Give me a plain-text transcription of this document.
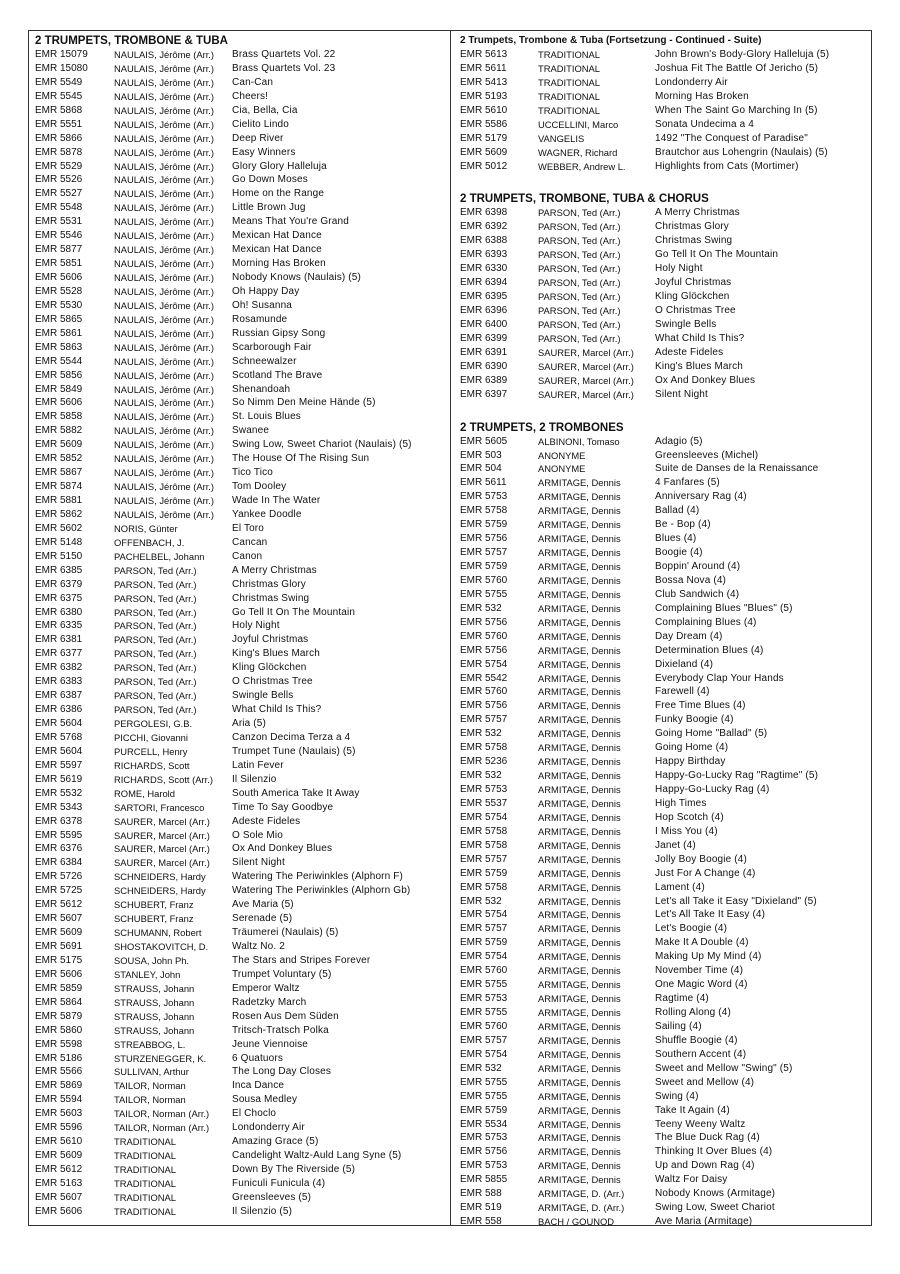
2 TRUMPETS, TROMBONE & TUBA
EMR 15079	NAULAIS, Jérôme (Arr.)	Brass Quartets Vol. 22
EMR 15080	NAULAIS, Jérôme (Arr.)	Brass Quartets Vol. 23
EMR 5549	NAULAIS, Jérôme (Arr.)	Can-Can
EMR 5545	NAULAIS, Jérôme (Arr.)	Cheers!
EMR 5868	NAULAIS, Jérôme (Arr.)	Cia, Bella, Cia
EMR 5551	NAULAIS, Jérôme (Arr.)	Cielito Lindo
EMR 5866	NAULAIS, Jérôme (Arr.)	Deep River
EMR 5878	NAULAIS, Jérôme (Arr.)	Easy Winners
EMR 5529	NAULAIS, Jérôme (Arr.)	Glory Glory Halleluja
EMR 5526	NAULAIS, Jérôme (Arr.)	Go Down Moses
EMR 5527	NAULAIS, Jérôme (Arr.)	Home on the Range
EMR 5548	NAULAIS, Jérôme (Arr.)	Little Brown Jug
EMR 5531	NAULAIS, Jérôme (Arr.)	Means That You're Grand
EMR 5546	NAULAIS, Jérôme (Arr.)	Mexican Hat Dance
EMR 5877	NAULAIS, Jérôme (Arr.)	Mexican Hat Dance
EMR 5851	NAULAIS, Jérôme (Arr.)	Morning Has Broken
EMR 5606	NAULAIS, Jérôme (Arr.)	Nobody Knows (Naulais) (5)
EMR 5528	NAULAIS, Jérôme (Arr.)	Oh Happy Day
EMR 5530	NAULAIS, Jérôme (Arr.)	Oh! Susanna
EMR 5865	NAULAIS, Jérôme (Arr.)	Rosamunde
EMR 5861	NAULAIS, Jérôme (Arr.)	Russian Gipsy Song
EMR 5863	NAULAIS, Jérôme (Arr.)	Scarborough Fair
EMR 5544	NAULAIS, Jérôme (Arr.)	Schneewalzer
EMR 5856	NAULAIS, Jérôme (Arr.)	Scotland The Brave
EMR 5849	NAULAIS, Jérôme (Arr.)	Shenandoah
EMR 5606	NAULAIS, Jérôme (Arr.)	So Nimm Den Meine Hände (5)
EMR 5858	NAULAIS, Jérôme (Arr.)	St. Louis Blues
EMR 5882	NAULAIS, Jérôme (Arr.)	Swanee
EMR 5609	NAULAIS, Jérôme (Arr.)	Swing Low, Sweet Chariot (Naulais) (5)
EMR 5852	NAULAIS, Jérôme (Arr.)	The House Of The Rising Sun
EMR 5867	NAULAIS, Jérôme (Arr.)	Tico Tico
EMR 5874	NAULAIS, Jérôme (Arr.)	Tom Dooley
EMR 5881	NAULAIS, Jérôme (Arr.)	Wade In The Water
EMR 5862	NAULAIS, Jérôme (Arr.)	Yankee Doodle
EMR 5602	NORIS, Günter	El Toro
EMR 5148	OFFENBACH, J.	Cancan
EMR 5150	PACHELBEL, Johann	Canon
EMR 6385	PARSON, Ted (Arr.)	A Merry Christmas
EMR 6379	PARSON, Ted (Arr.)	Christmas Glory
EMR 6375	PARSON, Ted (Arr.)	Christmas Swing
EMR 6380	PARSON, Ted (Arr.)	Go Tell It On The Mountain
EMR 6335	PARSON, Ted (Arr.)	Holy Night
EMR 6381	PARSON, Ted (Arr.)	Joyful Christmas
EMR 6377	PARSON, Ted (Arr.)	King's Blues March
EMR 6382	PARSON, Ted (Arr.)	Kling Glöckchen
EMR 6383	PARSON, Ted (Arr.)	O Christmas Tree
EMR 6387	PARSON, Ted (Arr.)	Swingle Bells
EMR 6386	PARSON, Ted (Arr.)	What Child Is This?
EMR 5604	PERGOLESI, G.B.	Aria (5)
EMR 5768	PICCHI, Giovanni	Canzon Decima Terza a 4
EMR 5604	PURCELL, Henry	Trumpet Tune (Naulais) (5)
EMR 5597	RICHARDS, Scott	Latin Fever
EMR 5619	RICHARDS, Scott (Arr.)	Il Silenzio
EMR 5532	ROME, Harold	South America Take It Away
EMR 5343	SARTORI, Francesco	Time To Say Goodbye
EMR 6378	SAURER, Marcel (Arr.)	Adeste Fideles
EMR 5595	SAURER, Marcel (Arr.)	O Sole Mio
EMR 6376	SAURER, Marcel (Arr.)	Ox And Donkey Blues
EMR 6384	SAURER, Marcel (Arr.)	Silent Night
EMR 5726	SCHNEIDERS, Hardy	Watering The Periwinkles (Alphorn F)
EMR 5725	SCHNEIDERS, Hardy	Watering The Periwinkles (Alphorn Gb)
EMR 5612	SCHUBERT, Franz	Ave Maria (5)
EMR 5607	SCHUBERT, Franz	Serenade (5)
EMR 5609	SCHUMANN, Robert	Träumerei (Naulais) (5)
EMR 5691	SHOSTAKOVITCH, D.	Waltz No. 2
EMR 5175	SOUSA, John Ph.	The Stars and Stripes Forever
EMR 5606	STANLEY, John	Trumpet Voluntary (5)
EMR 5859	STRAUSS, Johann	Emperor Waltz
EMR 5864	STRAUSS, Johann	Radetzky March
EMR 5879	STRAUSS, Johann	Rosen Aus Dem Süden
EMR 5860	STRAUSS, Johann	Tritsch-Tratsch Polka
EMR 5598	STREABBOG, L.	Jeune Viennoise
EMR 5186	STURZENEGGER, K.	6 Quatuors
EMR 5566	SULLIVAN, Arthur	The Long Day Closes
EMR 5869	TAILOR, Norman	Inca Dance
EMR 5594	TAILOR, Norman	Sousa Medley
EMR 5603	TAILOR, Norman (Arr.)	El Choclo
EMR 5596	TAILOR, Norman (Arr.)	Londonderry Air
EMR 5610	TRADITIONAL	Amazing Grace (5)
EMR 5609	TRADITIONAL	Candelight Waltz-Auld Lang Syne (5)
EMR 5612	TRADITIONAL	Down By The Riverside (5)
EMR 5163	TRADITIONAL	Funiculi Funicula (4)
EMR 5607	TRADITIONAL	Greensleeves (5)
EMR 5606	TRADITIONAL	Il Silenzio (5)
2 Trumpets, Trombone & Tuba (Fortsetzung - Continued - Suite)
EMR 5613	TRADITIONAL	John Brown's Body-Glory Halleluja (5)
EMR 5611	TRADITIONAL	Joshua Fit The Battle Of Jericho (5)
EMR 5413	TRADITIONAL	Londonderry Air
EMR 5193	TRADITIONAL	Morning Has Broken
EMR 5610	TRADITIONAL	When The Saint Go Marching In (5)
EMR 5586	UCCELLINI, Marco	Sonata Undecima a 4
EMR 5179	VANGELIS	1492 "The Conquest of Paradise"
EMR 5609	WAGNER, Richard	Brautchor aus Lohengrin (Naulais) (5)
EMR 5012	WEBBER, Andrew L.	Highlights from Cats (Mortimer)
2 TRUMPETS, TROMBONE, TUBA & CHORUS
EMR 6398	PARSON, Ted (Arr.)	A Merry Christmas
EMR 6392	PARSON, Ted (Arr.)	Christmas Glory
EMR 6388	PARSON, Ted (Arr.)	Christmas Swing
EMR 6393	PARSON, Ted (Arr.)	Go Tell It On The Mountain
EMR 6330	PARSON, Ted (Arr.)	Holy Night
EMR 6394	PARSON, Ted (Arr.)	Joyful Christmas
EMR 6395	PARSON, Ted (Arr.)	Kling Glöckchen
EMR 6396	PARSON, Ted (Arr.)	O Christmas Tree
EMR 6400	PARSON, Ted (Arr.)	Swingle Bells
EMR 6399	PARSON, Ted (Arr.)	What Child Is This?
EMR 6391	SAURER, Marcel (Arr.)	Adeste Fideles
EMR 6390	SAURER, Marcel (Arr.)	King's Blues March
EMR 6389	SAURER, Marcel (Arr.)	Ox And Donkey Blues
EMR 6397	SAURER, Marcel (Arr.)	Silent Night
2 TRUMPETS, 2 TROMBONES
EMR 5605	ALBINONI, Tomaso	Adagio (5)
EMR 503	ANONYME	Greensleeves (Michel)
EMR 504	ANONYME	Suite de Danses de la Renaissance
EMR 5611	ARMITAGE, Dennis	4 Fanfares (5)
EMR 5753	ARMITAGE, Dennis	Anniversary Rag (4)
EMR 5758	ARMITAGE, Dennis	Ballad (4)
EMR 5759	ARMITAGE, Dennis	Be - Bop (4)
EMR 5756	ARMITAGE, Dennis	Blues (4)
EMR 5757	ARMITAGE, Dennis	Boogie (4)
EMR 5759	ARMITAGE, Dennis	Boppin' Around (4)
EMR 5760	ARMITAGE, Dennis	Bossa Nova (4)
EMR 5755	ARMITAGE, Dennis	Club Sandwich (4)
EMR 532	ARMITAGE, Dennis	Complaining Blues "Blues" (5)
EMR 5756	ARMITAGE, Dennis	Complaining Blues (4)
EMR 5760	ARMITAGE, Dennis	Day Dream (4)
EMR 5756	ARMITAGE, Dennis	Determination Blues (4)
EMR 5754	ARMITAGE, Dennis	Dixieland (4)
EMR 5542	ARMITAGE, Dennis	Everybody Clap Your Hands
EMR 5760	ARMITAGE, Dennis	Farewell (4)
EMR 5756	ARMITAGE, Dennis	Free Time Blues (4)
EMR 5757	ARMITAGE, Dennis	Funky Boogie (4)
EMR 532	ARMITAGE, Dennis	Going Home "Ballad" (5)
EMR 5758	ARMITAGE, Dennis	Going Home (4)
EMR 5236	ARMITAGE, Dennis	Happy Birthday
EMR 532	ARMITAGE, Dennis	Happy-Go-Lucky Rag "Ragtime" (5)
EMR 5753	ARMITAGE, Dennis	Happy-Go-Lucky Rag (4)
EMR 5537	ARMITAGE, Dennis	High Times
EMR 5754	ARMITAGE, Dennis	Hop Scotch (4)
EMR 5758	ARMITAGE, Dennis	I Miss You (4)
EMR 5758	ARMITAGE, Dennis	Janet (4)
EMR 5757	ARMITAGE, Dennis	Jolly Boy Boogie (4)
EMR 5759	ARMITAGE, Dennis	Just For A Change (4)
EMR 5758	ARMITAGE, Dennis	Lament (4)
EMR 532	ARMITAGE, Dennis	Let's all Take it Easy "Dixieland" (5)
EMR 5754	ARMITAGE, Dennis	Let's All Take It Easy (4)
EMR 5757	ARMITAGE, Dennis	Let's Boogie (4)
EMR 5759	ARMITAGE, Dennis	Make It A Double (4)
EMR 5754	ARMITAGE, Dennis	Making Up My Mind (4)
EMR 5760	ARMITAGE, Dennis	November Time (4)
EMR 5755	ARMITAGE, Dennis	One Magic Word (4)
EMR 5753	ARMITAGE, Dennis	Ragtime (4)
EMR 5755	ARMITAGE, Dennis	Rolling Along (4)
EMR 5760	ARMITAGE, Dennis	Sailing (4)
EMR 5757	ARMITAGE, Dennis	Shuffle Boogie (4)
EMR 5754	ARMITAGE, Dennis	Southern Accent (4)
EMR 532	ARMITAGE, Dennis	Sweet and Mellow "Swing" (5)
EMR 5755	ARMITAGE, Dennis	Sweet and Mellow (4)
EMR 5755	ARMITAGE, Dennis	Swing (4)
EMR 5759	ARMITAGE, Dennis	Take It Again (4)
EMR 5534	ARMITAGE, Dennis	Teeny Weeny Waltz
EMR 5753	ARMITAGE, Dennis	The Blue Duck Rag (4)
EMR 5756	ARMITAGE, Dennis	Thinking It Over Blues (4)
EMR 5753	ARMITAGE, Dennis	Up and Down Rag (4)
EMR 5855	ARMITAGE, Dennis	Waltz For Daisy
EMR 588	ARMITAGE, D. (Arr.)	Nobody Knows (Armitage)
EMR 519	ARMITAGE, D. (Arr.)	Swing Low, Sweet Chariot
EMR 558	BACH / GOUNOD	Ave Maria (Armitage)
